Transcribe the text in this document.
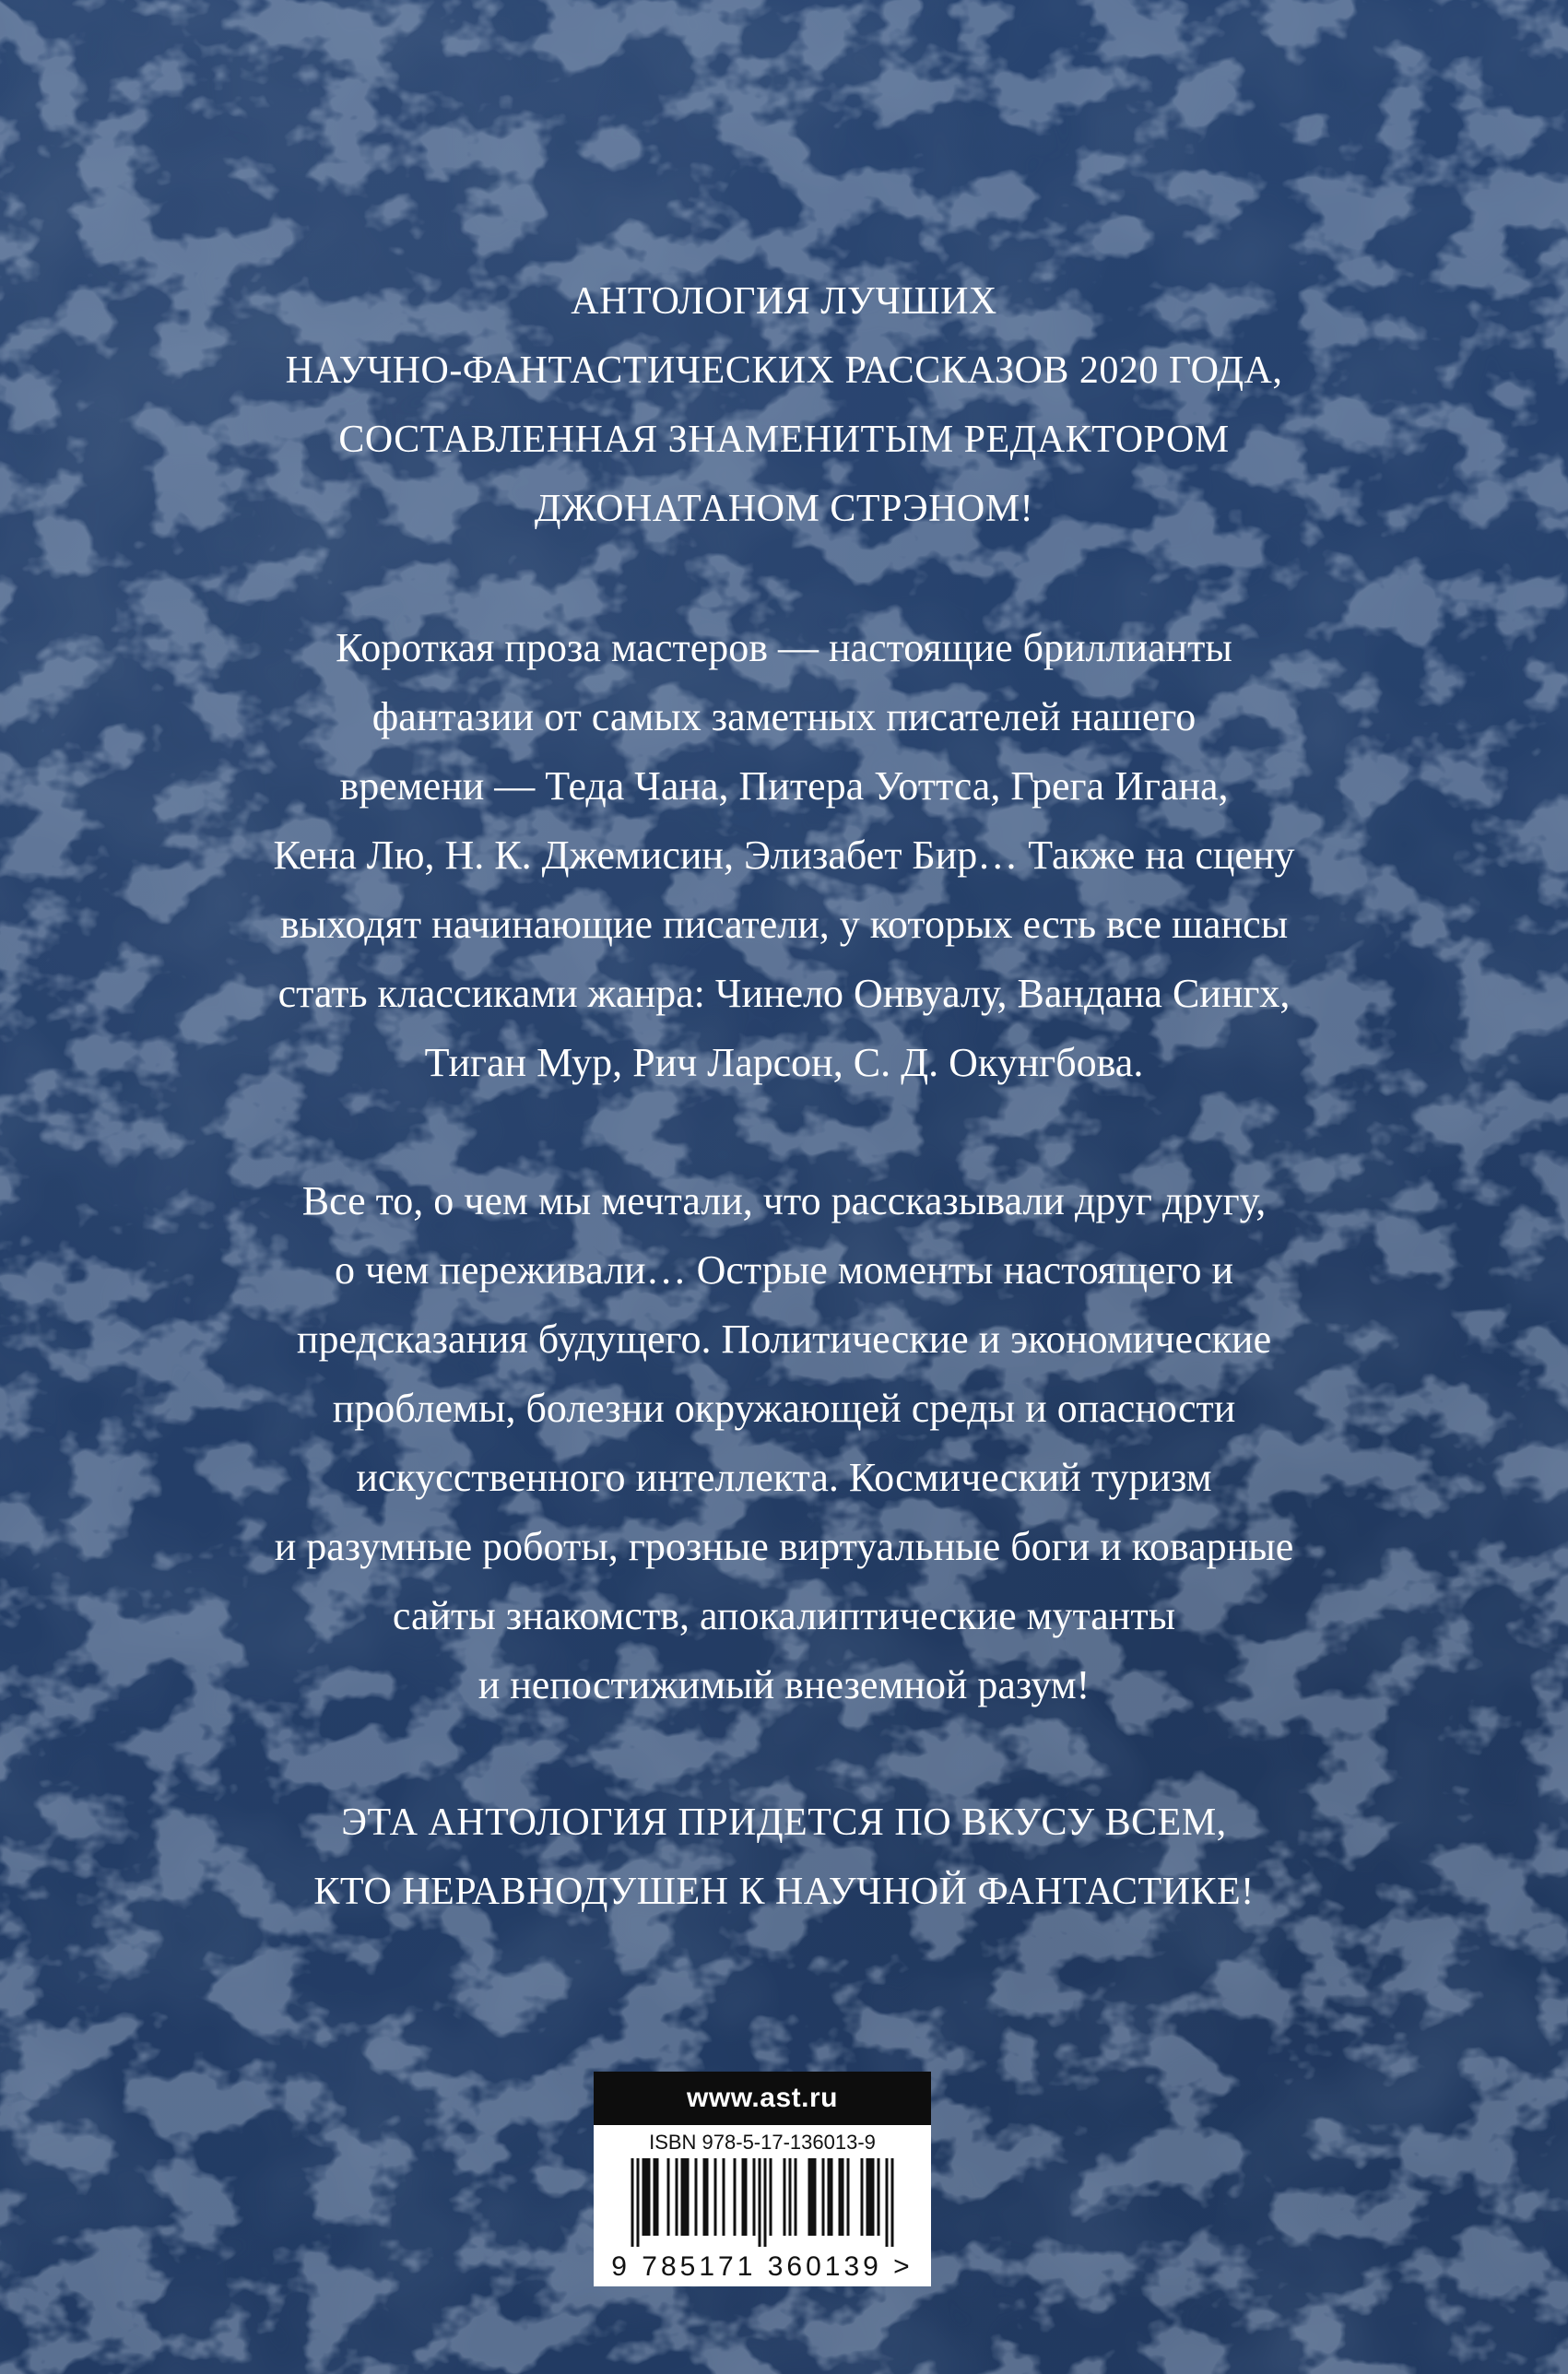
АНТОЛОГИЯ ЛУЧШИХ

НАУЧНО-ФАНТАСТИЧЕСКИХ РАССКАЗОВ 2020 ГОДА,

СОСТАВЛЕННАЯ ЗНАМЕНИТЫМ РЕДАКТОРОМ

ДЖОНАТАНОМ СТРЭНОМ!

Короткая проза мастеров — настоящие бриллианты

фантазии от самых заметных писателей нашего

времени — Теда Чана, Питера Уоттса, Грега Игана,

Кена Лю, Н. К. Джемисин, Элизабет Бир… Также на сцену

выходят начинающие писатели, у которых есть все шансы

стать классиками жанра: Чинело Онвуалу, Вандана Сингх,

Тиган Мур, Рич Ларсон, С. Д. Окунгбова.

Все то, о чем мы мечтали, что рассказывали друг другу,

о чем переживали… Острые моменты настоящего и

предсказания будущего. Политические и экономические

проблемы, болезни окружающей среды и опасности

искусственного интеллекта. Космический туризм

и разумные роботы, грозные виртуальные боги и коварные

сайты знакомств, апокалиптические мутанты

и непостижимый внеземной разум!

ЭТА АНТОЛОГИЯ ПРИДЕТСЯ ПО ВКУСУ ВСЕМ,

КТО НЕРАВНОДУШЕН К НАУЧНОЙ ФАНТАСТИКЕ!

www.ast.ru
ISBN 978-5-17-136013-9
9 785171 360139 >
